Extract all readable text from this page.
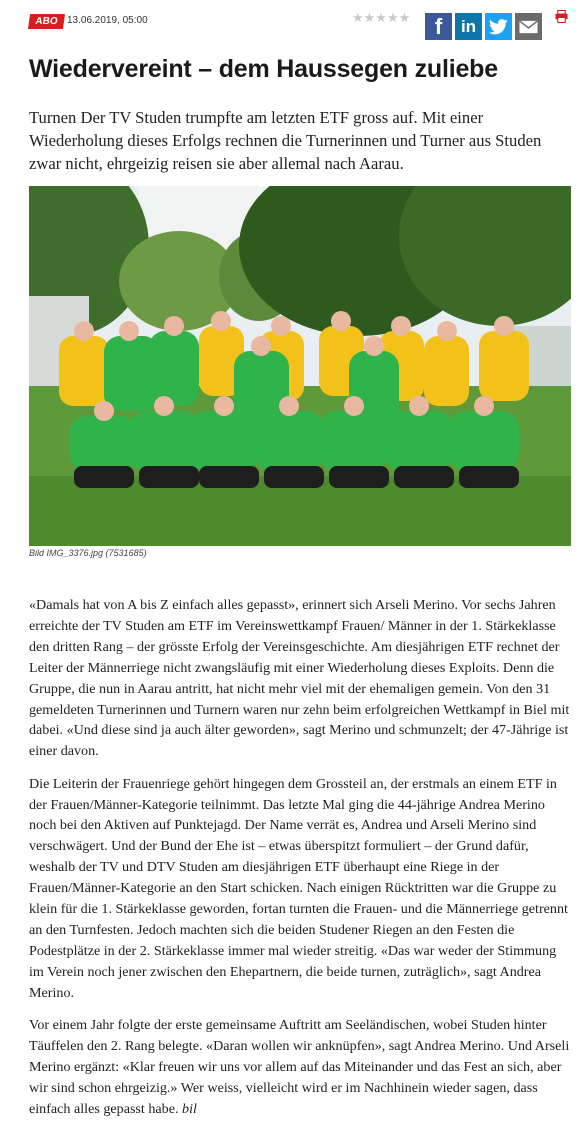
ABO 13.06.2019, 05:00	★★★★★ f in
Wiedervereint – dem Haussegen zuliebe

Turnen Der TV Studen trumpfte am letzten ETF gross auf. Mit einer Wiederholung dieses Erfolgs rechnen die Turnerinnen und Turner aus Studen zwar nicht, ehrgeizig reisen sie aber allemal nach Aarau.

Bild IMG_3376.jpg (7531685)

«Damals hat von A bis Z einfach alles gepasst», erinnert sich Arseli Merino. Vor sechs Jahren erreichte der TV Studen am ETF im Vereinswettkampf Frauen/ Männer in der 1. Stärkeklasse den dritten Rang – der grösste Erfolg der Vereinsgeschichte. Am diesjährigen ETF rechnet der Leiter der Männerriege nicht zwangsläufig mit einer Wiederholung dieses Exploits. Denn die Gruppe, die nun in Aarau antritt, hat nicht mehr viel mit der ehemaligen gemein. Von den 31 gemeldeten Turnerinnen und Turnern waren nur zehn beim erfolgreichen Wettkampf in Biel mit dabei. «Und diese sind ja auch älter geworden», sagt Merino und schmunzelt; der 47-Jährige ist einer davon.

Die Leiterin der Frauenriege gehört hingegen dem Grossteil an, der erstmals an einem ETF in der Frauen/Männer-Kategorie teilnimmt. Das letzte Mal ging die 44-jährige Andrea Merino noch bei den Aktiven auf Punktejagd. Der Name verrät es, Andrea und Arseli Merino sind verschwägert. Und der Bund der Ehe ist – etwas überspitzt formuliert – der Grund dafür, weshalb der TV und DTV Studen am diesjährigen ETF überhaupt eine Riege in der Frauen/Männer-Kategorie an den Start schicken. Nach einigen Rücktritten war die Gruppe zu klein für die 1. Stärkeklasse geworden, fortan turnten die Frauen- und die Männerriege getrennt an den Turnfesten. Jedoch machten sich die beiden Studener Riegen an den Festen die Podestplätze in der 2. Stärkeklasse immer mal wieder streitig. «Das war weder der Stimmung im Verein noch jener zwischen den Ehepartnern, die beide turnen, zuträglich», sagt Andrea Merino.

Vor einem Jahr folgte der erste gemeinsame Auftritt am Seeländischen, wobei Studen hinter Täuffelen den 2. Rang belegte. «Daran wollen wir anknüpfen», sagt Andrea Merino. Und Arseli Merino ergänzt: «Klar freuen wir uns vor allem auf das Miteinander und das Fest an sich, aber wir sind schon ehrgeizig.» Wer weiss, vielleicht wird er im Nachhinein wieder sagen, dass einfach alles gepasst habe. bil
